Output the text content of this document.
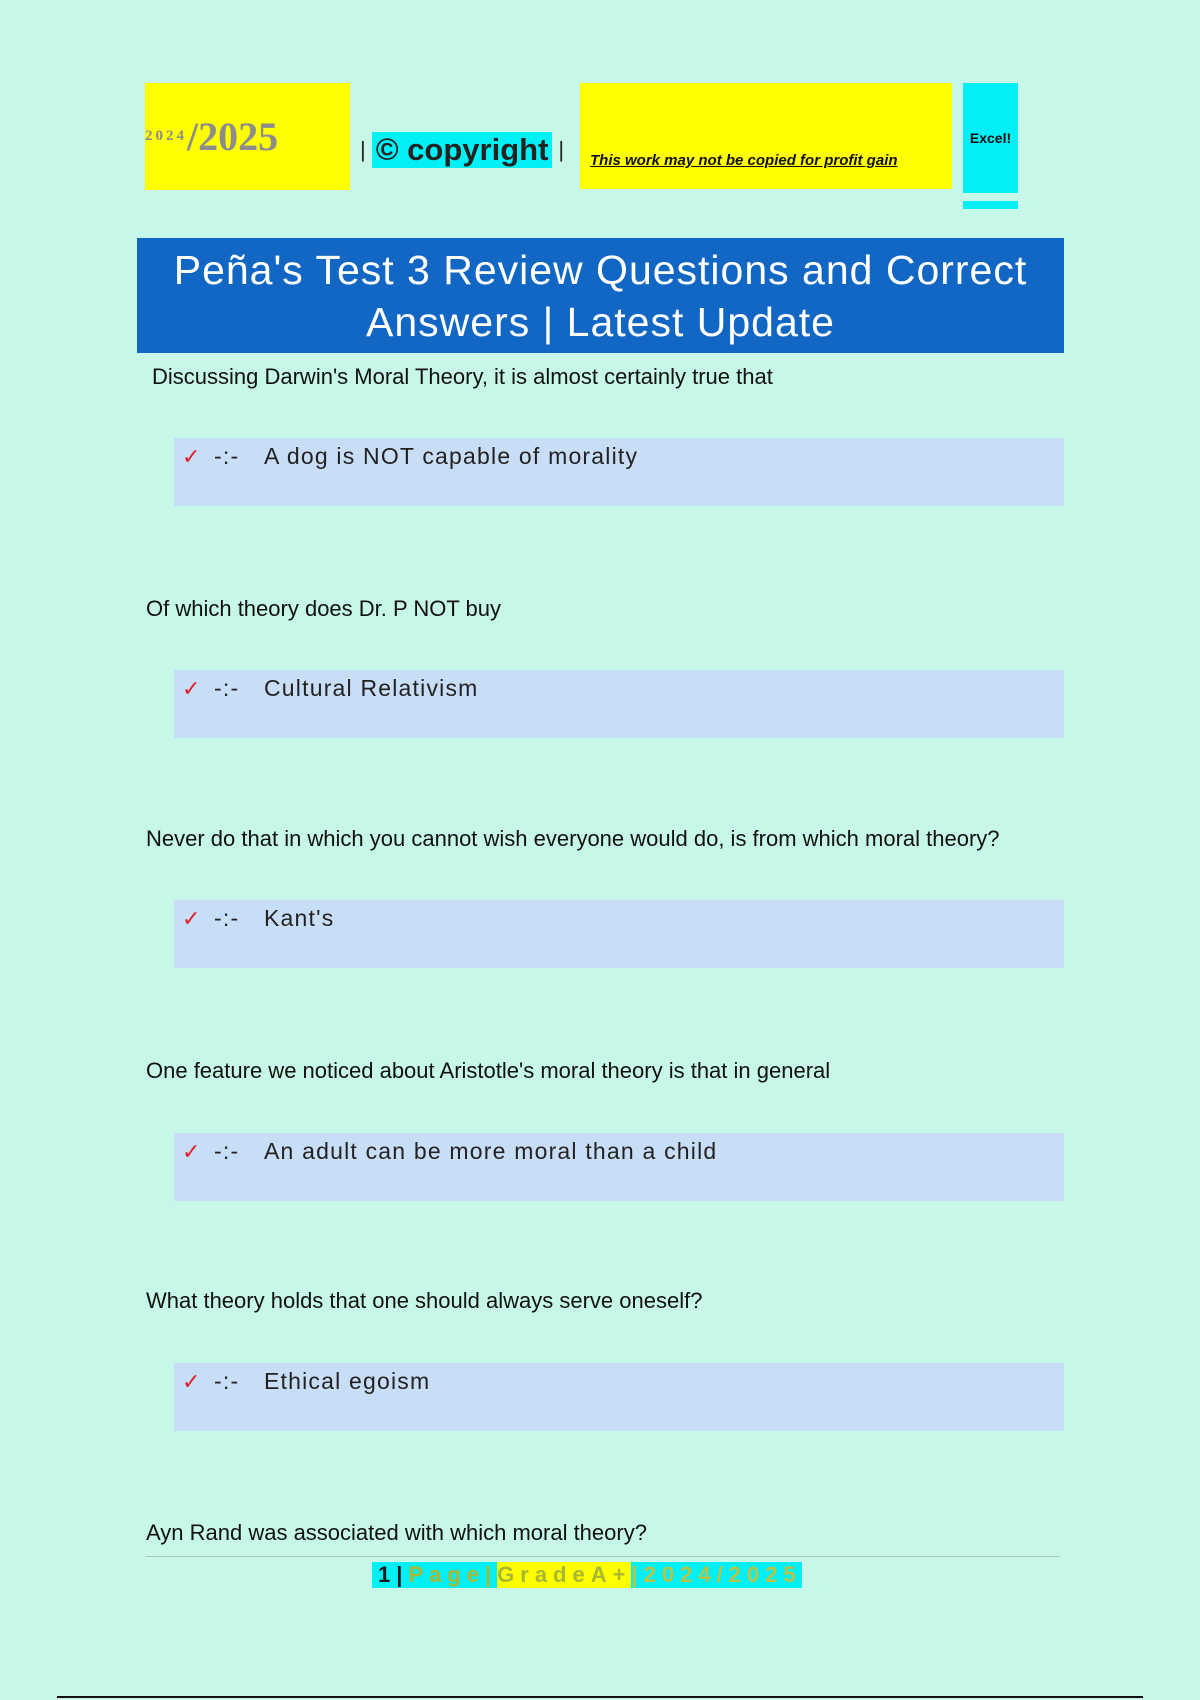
2024 /2025	| © copyright | This work may not be copied for profit gain
Excel!
Peña's Test 3 Review Questions and Correct
Answers | Latest Update
Discussing Darwin's Moral Theory, it is almost certainly true that
✓ -:-	A dog is NOT capable of morality
Of which theory does Dr. P NOT buy
✓ -:-	Cultural Relativism
Never do that in which you cannot wish everyone would do, is from which moral theory?
✓ -:-	Kant's
One feature we noticed about Aristotle's moral theory is that in general
✓ -:-	An adult can be more moral than a child
What theory holds that one should always serve oneself?
✓ -:-	Ethical egoism
Ayn Rand was associated with which moral theory?
1| Page| GradeA+ |2024/2025
